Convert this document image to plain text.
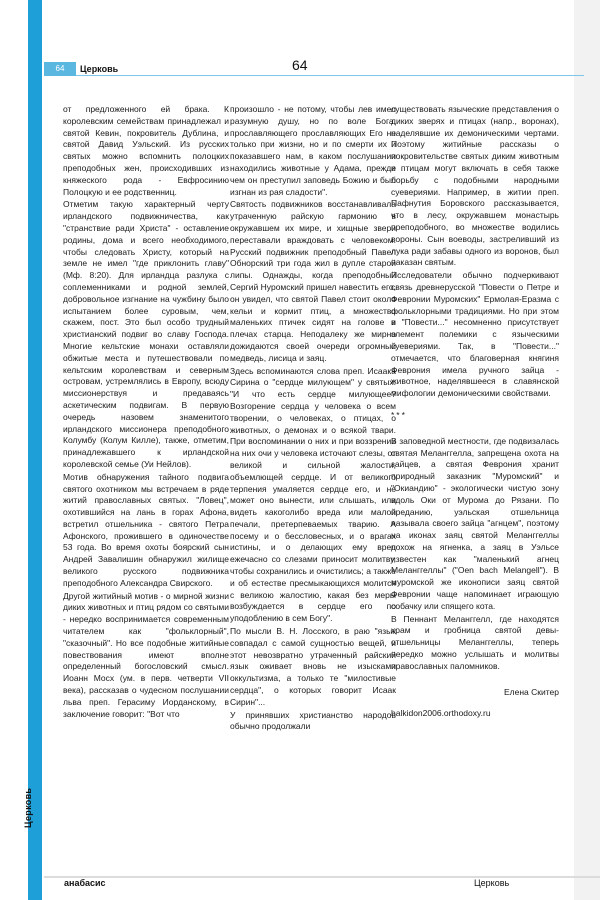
Церковь
64	Церковь	64

от предложенного ей брака. К королевским семействам принадлежал и святой Кевин, покровитель Дублина, и святой Давид Уэльский. Из русских святых можно вспомнить полоцких преподобных жен, происходивших из княжеского рода - Евфросинию Полоцкую и ее родственниц.

Отметим такую характерный черту ирландского подвижничества, как "странствие ради Христа" - оставление родины, дома и всего необходимого, чтобы следовать Христу, который на земле не имел "где приклонить главу" (Мф. 8:20). Для ирландца разлука с соплеменниками и родной землей, добровольное изгнание на чужбину было испытанием более суровым, чем, скажем, пост. Это был особо трудный христианский подвиг во славу Господа. Многие кельтские монахи оставляли обжитые места и путешествовали по кельтским королевствам и северным островам, устремлялись в Европу, всюду миссионерствуя и предаваясь аскетическим подвигам. В первую очередь назовем знаменитого ирландского миссионера преподобного Колумбу (Колум Килле), также, отметим, принадлежавшего к ирландской королевской семье (Уи Нейлов).

Мотив обнаружения тайного подвига святого охотником мы встречаем в ряде житий православных святых. "Ловец", охотившийся на лань в горах Афона, встретил отшельника - святого Петра Афонского, прожившего в одиночестве 53 года. Во время охоты боярский сын Андрей Завалишин обнаружил жилище великого русского подвижника преподобного Александра Свирского.

Другой житийный мотив - о мирной жизни диких животных и птиц рядом со святыми - нередко воспринимается современным читателем как "фольклорный", "сказочный". Но все подобные житийные повествования имеют вполне определенный богословский смысл. Иоанн Мосх (ум. в перв. четверти VII века), рассказав о чудесном послушании льва преп. Герасиму Иорданскому, в заключение говорит: "Вот что

произошло - не потому, чтобы лев имел разумную душу, но по воле Бога, прославляющего прославляющих Его не только при жизни, но и по смерти их и показавшего нам, в каком послушании находились животные у Адама, прежде чем он преступил заповедь Божию и был изгнан из рая сладости".

Святость подвижников восстанавливала утраченную райскую гармонию в окружавшем их мире, и хищные звери переставали враждовать с человеком. Русский подвижник преподобный Павел Обнорский три года жил в дупле старой липы. Однажды, когда преподобный Сергий Нуромский пришел навестить его, он увидел, что святой Павел стоит около кельи и кормит птиц, а множество маленьких птичек сидят на голове и плечах старца. Неподалеку же мирно дожидаются своей очереди огромный медведь, лисица и заяц.

Здесь вспоминаются слова преп. Исаака Сирина о "сердце милующем" у святых: "И что есть сердце милующее? Возгорение сердца у человека о всем творении, о человеках, о птицах, о животных, о демонах и о всякой твари. При воспоминании о них и при воззрении на них очи у человека источают слезы, от великой и сильной жалости, объемлющей сердце. И от великого терпения умаляется сердце его, и не может оно вынести, или слышать, или видеть какоголибо вреда или малой печали, претерпеваемых тварию. А посему и о бессловесных, и о врагах истины, и о делающих ему вред ежечасно со слезами приносит молитву, чтобы сохранились и очистились; а также и об естестве пресмыкающихся молится с великою жалостию, какая без меры возбуждается в сердце его по уподоблению в сем Богу".

По мысли В. Н. Лосского, в раю "язык совпадал с самой сущностью вещей, и этот невозвратно утраченный райский язык оживает вновь не изысками оккультизма, а только те "милостивые сердца", о которых говорит Исаак Сирин"...

У принявших христианство народов обычно продолжали

существовать языческие представления о диких зверях и птицах (напр., воронах), наделявшие их демоническими чертами. Поэтому житийные рассказы о покровительстве святых диким животным и птицам могут включать в себя также борьбу с подобными народными суевериями. Например, в житии преп. Пафнутия Боровского рассказывается, что в лесу, окружавшем монастырь преподобного, во множестве водились вороны. Сын воеводы, застреливший из лука ради забавы одного из воронов, был наказан святым.

Исследователи обычно подчеркивают связь древнерусской "Повести о Петре и Февронии Муромских" Ермолая-Еразма с фольклорными традициями. Но при этом в "Повести..." несомненно присутствует элемент полемики с языческими суевериями. Так, в "Повести..." отмечается, что благоверная княгиня Феврония имела ручного зайца - животное, наделявшееся в славянской мифологии демоническими свойствами.

***

В заповедной местности, где подвизалась святая Меланггелла, запрещена охота на зайцев, а святая Феврония хранит природный заказник "Муромский" и "Окиандию" - экологически чистую зону вдоль Оки от Мурома до Рязани. По преданию, уэльская отшельница называла своего зайца "агнцем", поэтому на иконах заяц святой Меланггеллы похож на ягненка, а заяц в Уэльсе известен как "маленький агнец Меланггеллы" ("Oen bach Melangell"). В муромской же иконописи заяц святой Февронии чаще напоминает играющую собачку или спящего кота.

В Пеннант Меланггелл, где находятся храм и гробница святой девы-отшельницы Меланггеллы, теперь нередко можно услышать и молитвы православных паломников.

Елена Скитер

halkidon2006.orthodoxy.ru

анабасис	Церковь
